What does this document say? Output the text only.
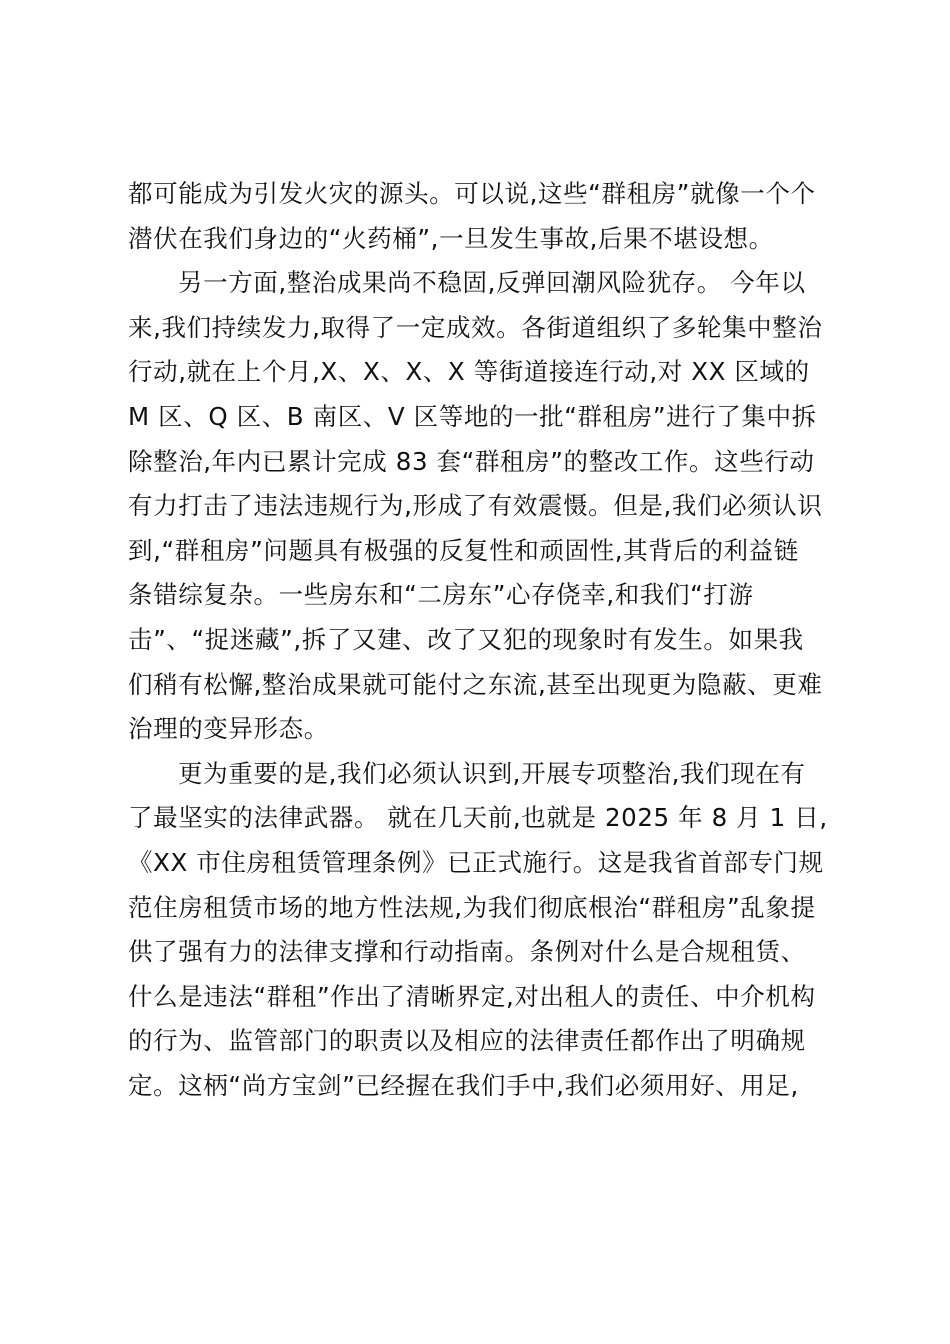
都可能成为引发火灾的源头。可以说,这些“群租房”就像一个个
潜伏在我们身边的“火药桶”,一旦发生事故,后果不堪设想。
另一方面,整治成果尚不稳固,反弹回潮风险犹存。 今年以
来,我们持续发力,取得了一定成效。各街道组织了多轮集中整治
行动,就在上个月,X、X、X、X 等街道接连行动,对 XX 区域的
M 区、Q 区、B 南区、V 区等地的一批“群租房”进行了集中拆
除整治,年内已累计完成 83 套“群租房”的整改工作。这些行动
有力打击了违法违规行为,形成了有效震慑。但是,我们必须认识
到,“群租房”问题具有极强的反复性和顽固性,其背后的利益链
条错综复杂。一些房东和“二房东”心存侥幸,和我们“打游
击”、“捉迷藏”,拆了又建、改了又犯的现象时有发生。如果我
们稍有松懈,整治成果就可能付之东流,甚至出现更为隐蔽、更难
治理的变异形态。
更为重要的是,我们必须认识到,开展专项整治,我们现在有
了最坚实的法律武器。 就在几天前,也就是 2025 年 8 月 1 日,
《XX 市住房租赁管理条例》已正式施行。这是我省首部专门规
范住房租赁市场的地方性法规,为我们彻底根治“群租房”乱象提
供了强有力的法律支撑和行动指南。条例对什么是合规租赁、
什么是违法“群租”作出了清晰界定,对出租人的责任、中介机构
的行为、监管部门的职责以及相应的法律责任都作出了明确规
定。这柄“尚方宝剑”已经握在我们手中,我们必须用好、用足,
